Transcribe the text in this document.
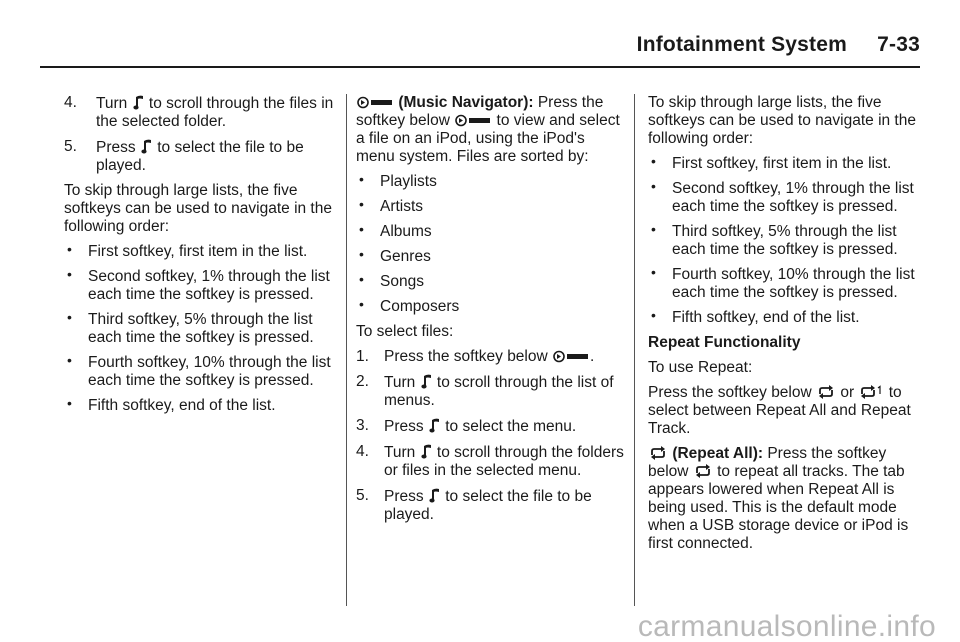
Infotainment System     7-33
4.	Turn to scroll through the files in the selected folder.
5.	Press to select the file to be played.

To skip through large lists, the five softkeys can be used to navigate in the following order:

• First softkey, first item in the list.
• Second softkey, 1% through the list each time the softkey is pressed.
• Third softkey, 5% through the list each time the softkey is pressed.
• Fourth softkey, 10% through the list each time the softkey is pressed.
• Fifth softkey, end of the list.

(Music Navigator): Press the softkey below	to view and select a file on an iPod, using the iPod's menu system. Files are sorted by:

• Playlists
• Artists
• Albums
• Genres
• Songs
• Composers

To select files:

1. Press the softkey below	.
2. Turn to scroll through the list of menus.
3. Press to select the menu.
4. Turn to scroll through the folders or files in the selected menu.
5. Press to select the file to be played.

To skip through large lists, the five softkeys can be used to navigate in the following order:

• First softkey, first item in the list.
• Second softkey, 1% through the list each time the softkey is pressed.
• Third softkey, 5% through the list each time the softkey is pressed.
• Fourth softkey, 10% through the list each time the softkey is pressed.
• Fifth softkey, end of the list.

Repeat Functionality

To use Repeat:

Press the softkey below or to select between Repeat All and Repeat Track.

(Repeat All): Press the softkey below to repeat all tracks. The tab appears lowered when Repeat All is being used. This is the default mode when a USB storage device or iPod is first connected.

carmanualsonline.info
